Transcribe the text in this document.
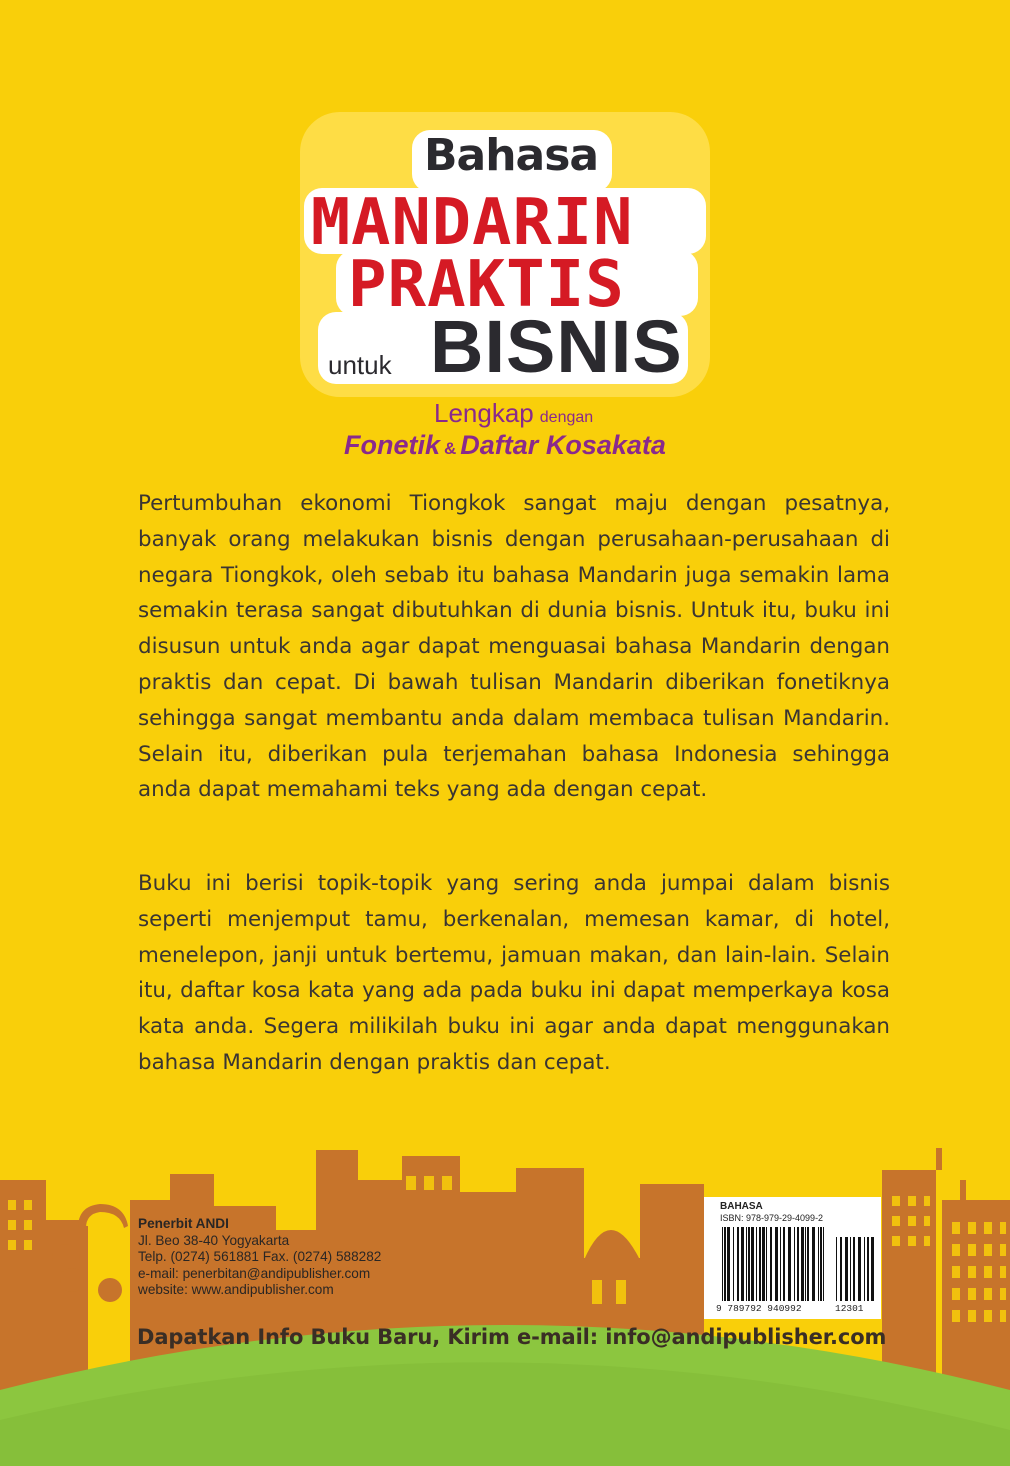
Bahasa
MANDARIN
PRAKTIS
untuk BISNIS
Lengkap dengan
Fonetik & Daftar Kosakata

Pertumbuhan ekonomi Tiongkok sangat maju dengan pesatnya, banyak orang melakukan bisnis dengan perusahaan-perusahaan di negara Tiongkok, oleh sebab itu bahasa Mandarin juga semakin lama semakin terasa sangat dibutuhkan di dunia bisnis. Untuk itu, buku ini disusun untuk anda agar dapat menguasai bahasa Mandarin dengan praktis dan cepat. Di bawah tulisan Mandarin diberikan fonetiknya sehingga sangat membantu anda dalam membaca tulisan Mandarin. Selain itu, diberikan pula terjemahan bahasa Indonesia sehingga anda dapat memahami teks yang ada dengan cepat.

Buku ini berisi topik-topik yang sering anda jumpai dalam bisnis seperti menjemput tamu, berkenalan, memesan kamar, di hotel, menelepon, janji untuk bertemu, jamuan makan, dan lain-lain. Selain itu, daftar kosa kata yang ada pada buku ini dapat memperkaya kosa kata anda. Segera milikilah buku ini agar anda dapat menggunakan bahasa Mandarin dengan praktis dan cepat.

Penerbit ANDI
Jl. Beo 38-40 Yogyakarta
Telp. (0274) 561881 Fax. (0274) 588282
e-mail: penerbitan@andipublisher.com
website: www.andipublisher.com
BAHASA
ISBN: 978-979-29-4099-2
9 789792 940992	12301
Dapatkan Info Buku Baru, Kirim e-mail: info@andipublisher.com
